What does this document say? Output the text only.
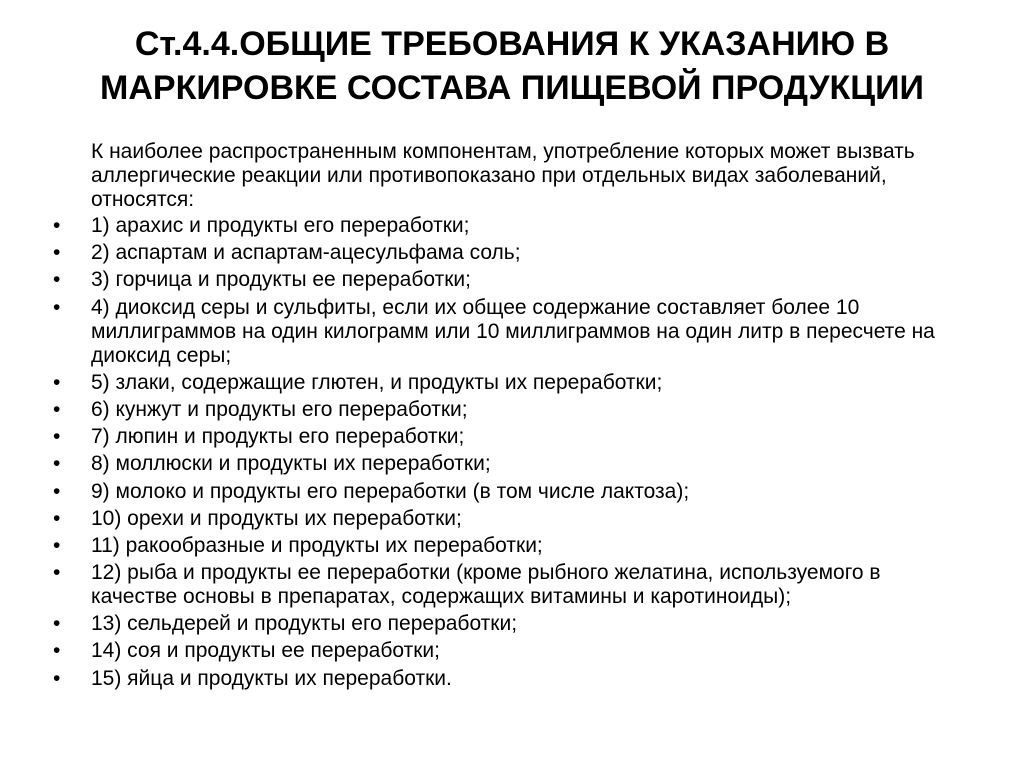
Ст.4.4.ОБЩИЕ ТРЕБОВАНИЯ К УКАЗАНИЮ В
МАРКИРОВКЕ СОСТАВА ПИЩЕВОЙ ПРОДУКЦИИ

К наиболее распространенным компонентам, употребление которых может вызвать аллергические реакции или противопоказано при отдельных видах заболеваний, относятся:

• 1) арахис и продукты его переработки;
• 2) аспартам и аспартам-ацесульфама соль;
• 3) горчица и продукты ее переработки;
• 4) диоксид серы и сульфиты, если их общее содержание составляет более 10 миллиграммов на один килограмм или 10 миллиграммов на один литр в пересчете на диоксид серы;
• 5) злаки, содержащие глютен, и продукты их переработки;
• 6) кунжут и продукты его переработки;
• 7) люпин и продукты его переработки;
• 8) моллюски и продукты их переработки;
• 9) молоко и продукты его переработки (в том числе лактоза);
• 10) орехи и продукты их переработки;
• 11) ракообразные и продукты их переработки;
• 12) рыба и продукты ее переработки (кроме рыбного желатина, используемого в качестве основы в препаратах, содержащих витамины и каротиноиды);
• 13) сельдерей и продукты его переработки;
• 14) соя и продукты ее переработки;
• 15) яйца и продукты их переработки.
